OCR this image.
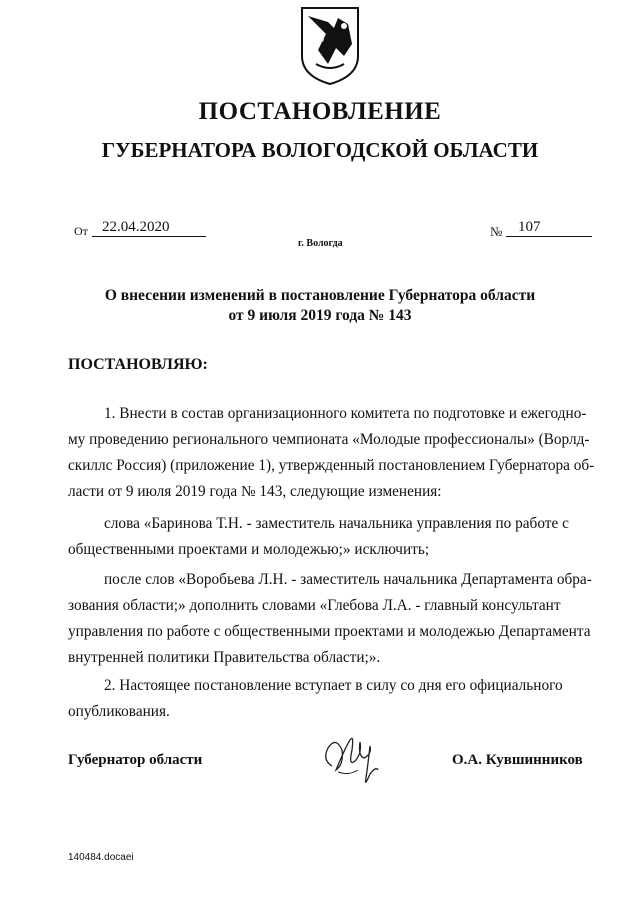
ПОСТАНОВЛЕНИЕ
ГУБЕРНАТОРА ВОЛОГОДСКОЙ ОБЛАСТИ
От 22.04.2020	№ 107
г. Вологда
О внесении изменений в постановление Губернатора области
от 9 июля 2019 года № 143
ПОСТАНОВЛЯЮ:
1. Внести в состав организационного комитета по подготовке и ежегодно-
му проведению регионального чемпионата «Молодые профессионалы» (Ворлд-
скиллс Россия) (приложение 1), утвержденный постановлением Губернатора об-
ласти от 9 июля 2019 года № 143, следующие изменения:
слова «Баринова Т.Н. - заместитель начальника управления по работе с
общественными проектами и молодежью;» исключить;
после слов «Воробьева Л.Н. - заместитель начальника Департамента обра-
зования области;» дополнить словами «Глебова Л.А. - главный консультант
управления по работе с общественными проектами и молодежью Департамента
внутренней политики Правительства области;».
2. Настоящее постановление вступает в силу со дня его официального
опубликования.
Губернатор области	О.А. Кувшинников
140484.docaei
